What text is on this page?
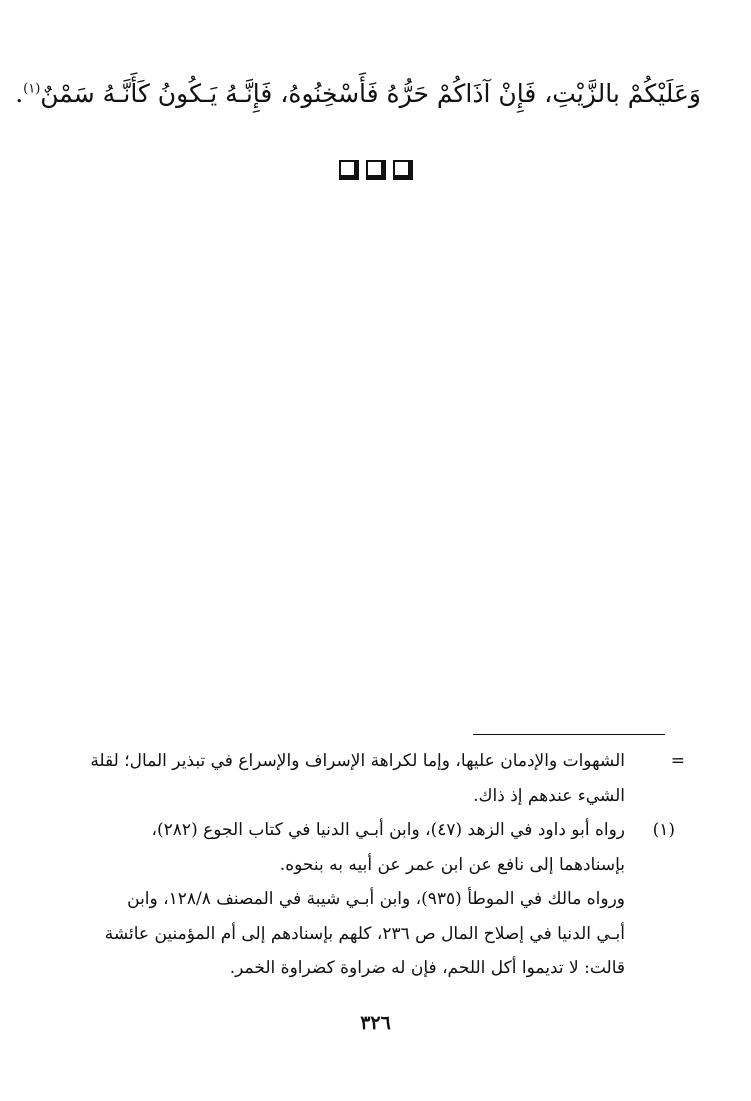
وَعَلَيْكُمْ بالزَّيْتِ، فَإِنْ آذَاكُمْ حَرُّهُ فَأَسْخِنُوهُ، فَإِنَّـهُ يَـكُونُ كَأَنَّـهُ سَمْنٌ$^{(١)}$.
=

الشهوات والإدمان عليها، وإما لكراهة الإسراف والإسراع في تبذير المال؛ لقلة

الشيء عندهم إذ ذاك.

(١)

رواه أبو داود في الزهد (٤٧)، وابن أبـي الدنيا في كتاب الجوع (٢٨٢)،

بإسنادهما إلى نافع عن ابن عمر عن أبيه به بنحوه.

ورواه مالك في الموطأ (٩٣٥)، وابن أبـي شيبة في المصنف ١٢٨/٨، وابن

أبـي الدنيا في إصلاح المال ص ٢٣٦، كلهم بإسنادهم إلى أم المؤمنين عائشة

قالت: لا تديموا أكل اللحم، فإن له ضراوة كضراوة الخمر.

٣٢٦
